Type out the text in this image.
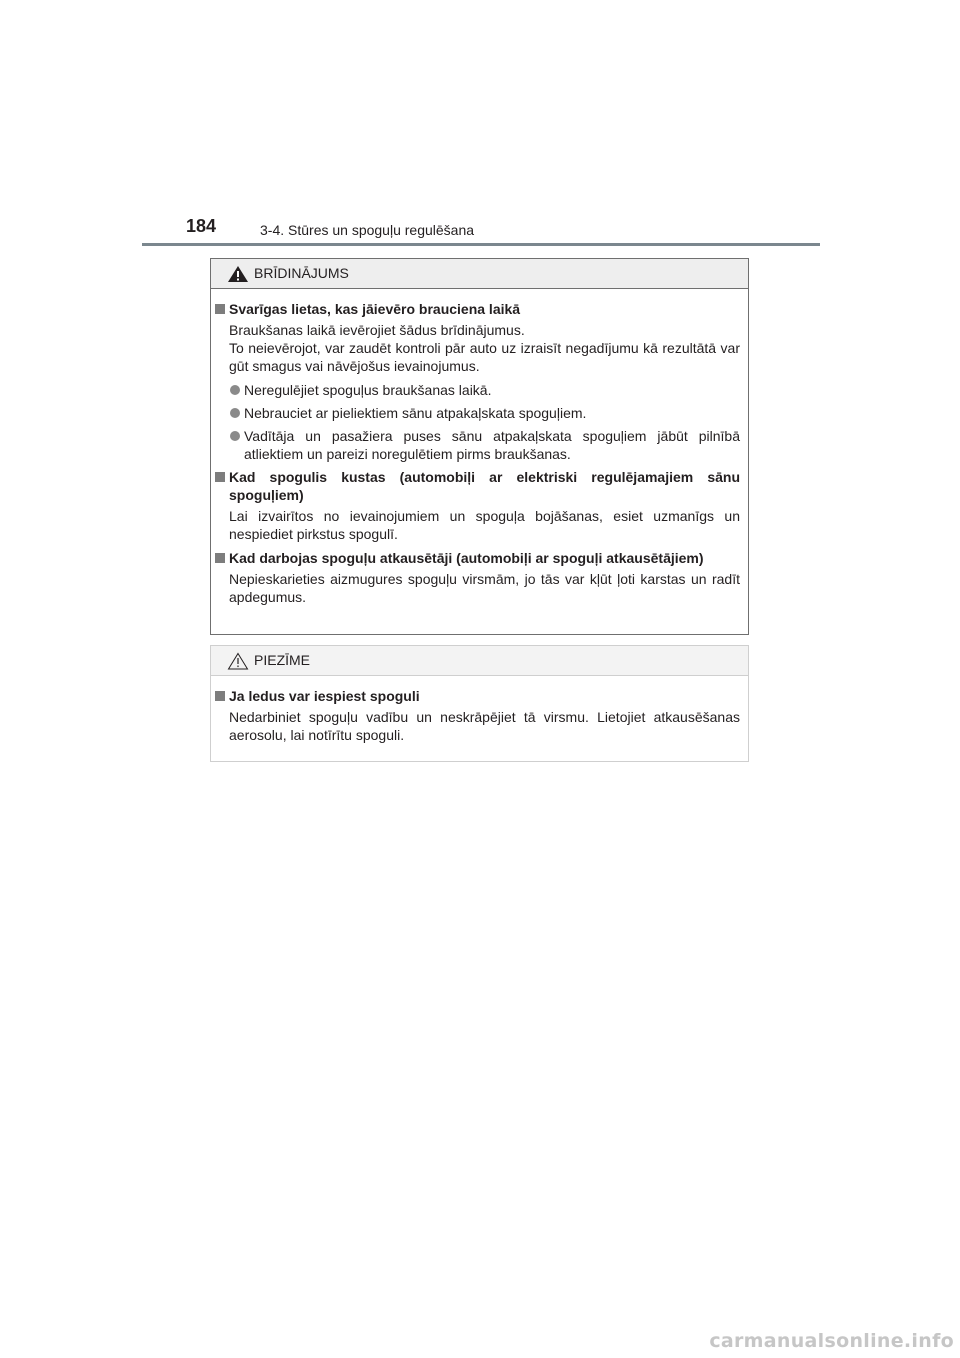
184	3-4. Stūres un spoguļu regulēšana
BRĪDINĀJUMS
Svarīgas lietas, kas jāievēro brauciena laikā
Braukšanas laikā ievērojiet šādus brīdinājumus.
To neievērojot, var zaudēt kontroli pār auto uz izraisīt negadījumu kā rezultātā var gūt smagus vai nāvējošus ievainojumus.
Neregulējiet spoguļus braukšanas laikā.
Nebrauciet ar pieliektiem sānu atpakaļskata spoguļiem.
Vadītāja un pasažiera puses sānu atpakaļskata spoguļiem jābūt pilnībā atliektiem un pareizi noregulētiem pirms braukšanas.
Kad spogulis kustas (automobiļi ar elektriski regulējamajiem sānu spoguļiem)
Lai izvairītos no ievainojumiem un spoguļa bojāšanas, esiet uzmanīgs un nespiediet pirkstus spogulī.
Kad darbojas spoguļu atkausētāji (automobiļi ar spoguļi atkausētājiem)
Nepieskarieties aizmugures spoguļu virsmām, jo tās var kļūt ļoti karstas un radīt apdegumus.
PIEZĪME
Ja ledus var iespiest spoguli
Nedarbiniet spoguļu vadību un neskrāpējiet tā virsmu. Lietojiet atkausēšanas aerosolu, lai notīrītu spoguli.
carmanualsonline.info
